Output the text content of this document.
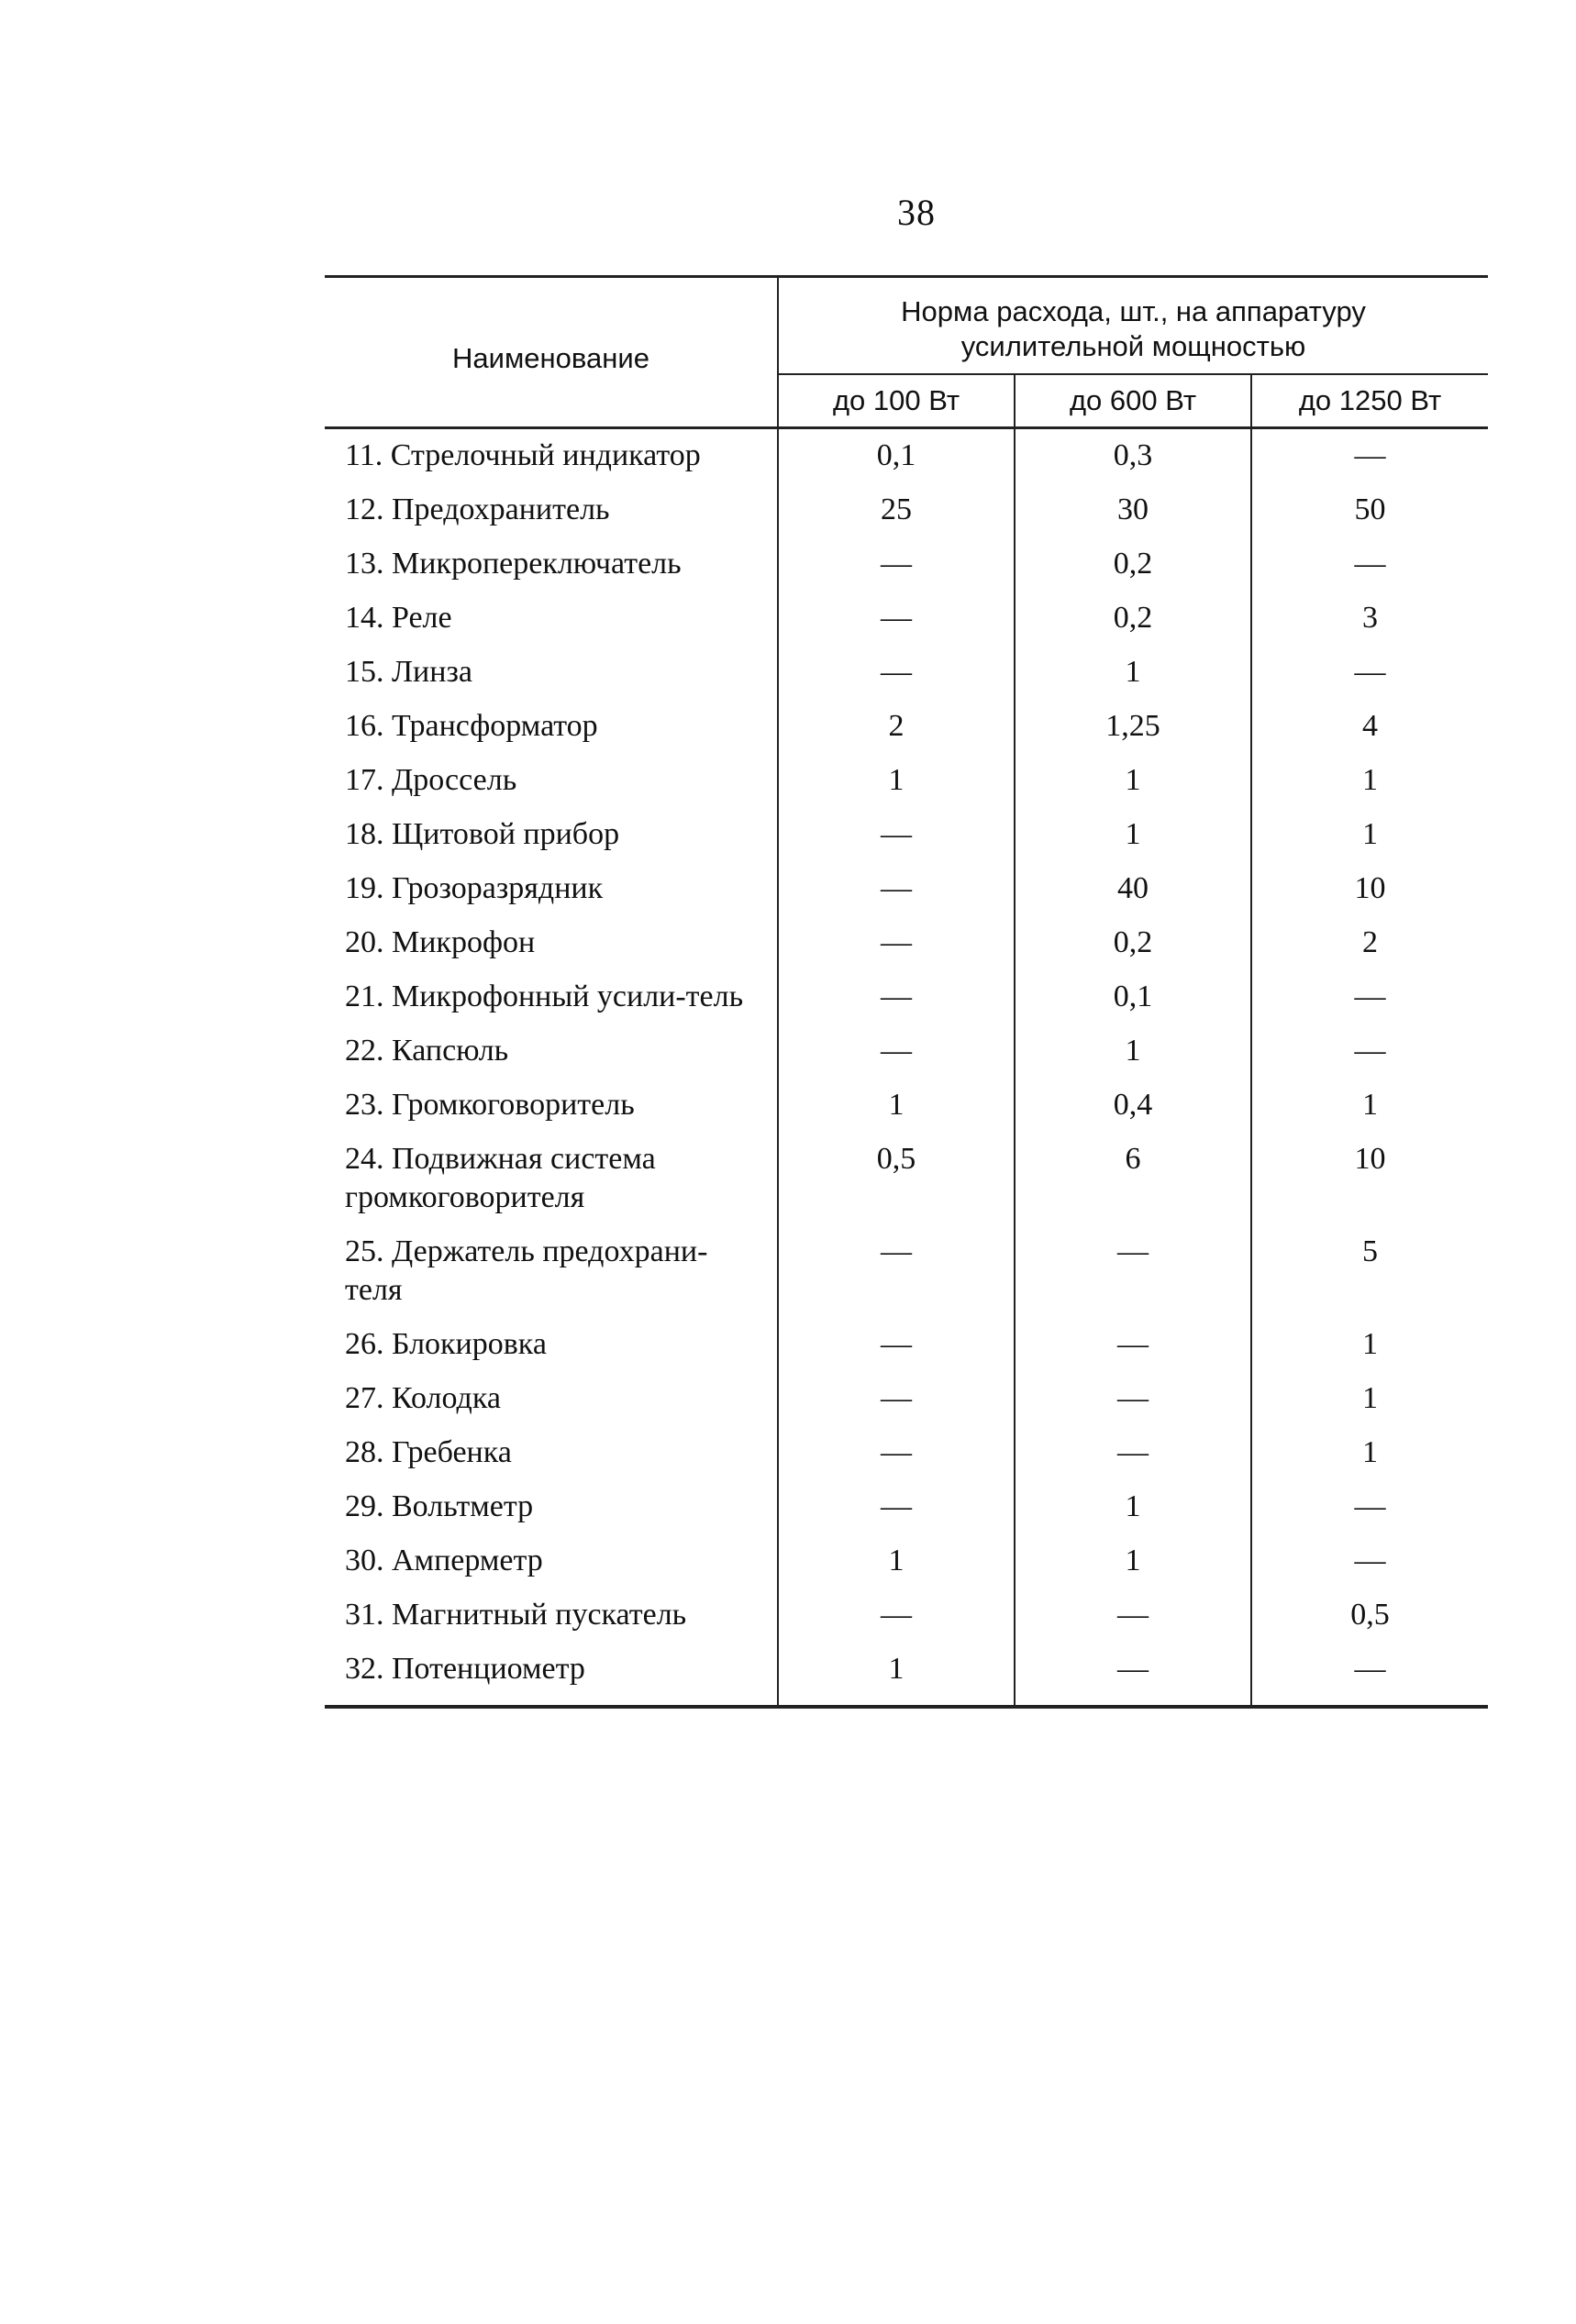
38
Наименование	Норма расхода, шт., на аппаратуру
усилительной мощностью		

	до 100 Вт	до 600 Вт	до 1250 Вт
11. Стрелочный индикатор	0,1	0,3	—
12. Предохранитель	25	30	50
13. Микропереключатель	—	0,2	—
14. Реле	—	0,2	3
15. Линза	—	1	—
16. Трансформатор	2	1,25	4
17. Дроссель	1	1	1
18. Щитовой прибор	—	1	1
19. Грозоразрядник	—	40	10
20. Микрофон	—	0,2	2
21. Микрофонный усили-тель	—	0,1	—
22. Капсюль	—	1	—
23. Громкоговоритель	1	0,4	1
24. Подвижная система громкоговорителя	0,5	6	10
25. Держатель предохрани-теля	—	—	5
26. Блокировка	—	—	1
27. Колодка	—	—	1
28. Гребенка	—	—	1
29. Вольтметр	—	1	—
30. Амперметр	1	1	—
31. Магнитный пускатель	—	—	0,5
32. Потенциометр	1	—	—
